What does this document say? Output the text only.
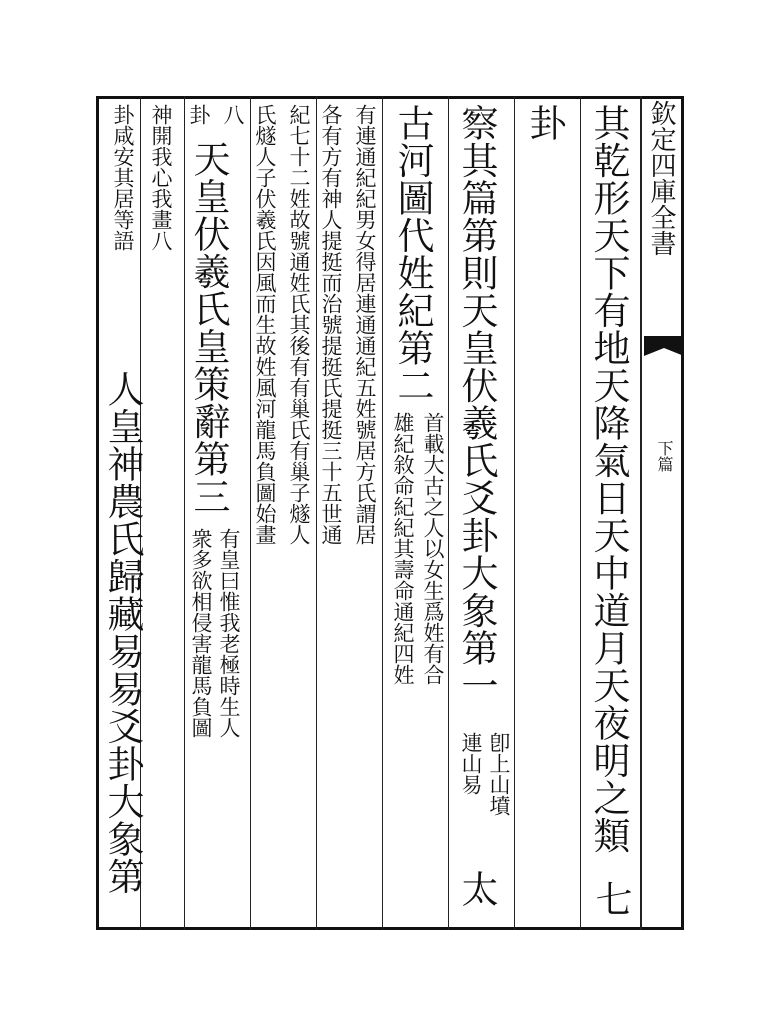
欽定四庫全書
下篇
其乾形天下有地天降氣日天中道月天夜明之類
七
卦
察其篇第則天皇伏羲氏爻卦大象第一
卽上山墳
連山易
太
古河圖代姓紀第二
首載大古之人以女生爲姓有合
雄紀敘命紀紀其壽命通紀四姓
有連通紀紀男女得居連通通紀五姓號居方氏謂居
各有方有神人提挺而治號提挺氏提挺三十五世通
紀七十二姓故號通姓氏其後有有巢氏有巢子燧人
氏燧人子伏羲氏因風而生故姓風河龍馬負圖始畫
八
天皇伏羲氏皇策辭第三
有皇曰惟我老極時生人
衆多欲相侵害龍馬負圖
卦
神開我心我畫八
卦咸安其居等語
人皇神農氏歸藏易易爻卦大象第
